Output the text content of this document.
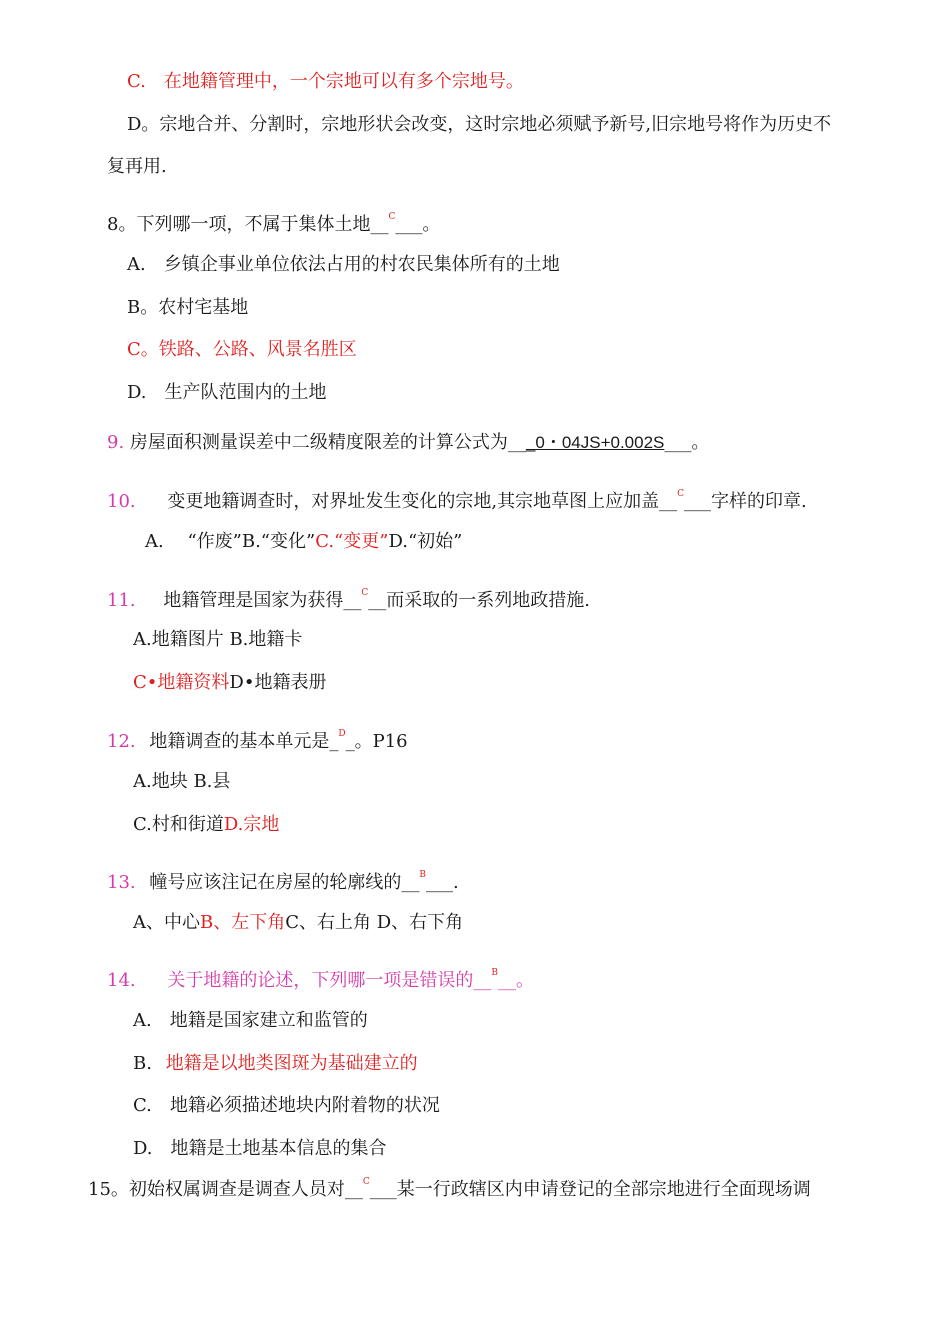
C.　在地籍管理中，一个宗地可以有多个宗地号。
D。宗地合并、分割时，宗地形状会改变，这时宗地必须赋予新号,旧宗地号将作为历史不
复再用.
8。下列哪一项，不属于集体土地__$^C$___。
A.　乡镇企事业单位依法占用的村农民集体所有的土地
B。农村宅基地
C。铁路、公路、风景名胜区
D.　生产队范围内的土地
9. 房屋面积测量误差中二级精度限差的计算公式为___0・04JS+0.002S___。
10. 变更地籍调查时，对界址发生变化的宗地,其宗地草图上应加盖__$^C$___字样的印章.
A.　 “作废”B.“变化”C.“变更”D.“初始”
11. 地籍管理是国家为获得__$^C$__而采取的一系列地政措施.
A.地籍图片 B.地籍卡
C•地籍资料D•地籍表册
12. 地籍调查的基本单元是_$^D$_。P16
A.地块 B.县
C.村和街道D.宗地
13. 幢号应该注记在房屋的轮廓线的__$^B$___.
A、中心B、左下角C、右上角 D、右下角
14. 关于地籍的论述，下列哪一项是错误的__$^B$__。
A.　地籍是国家建立和监管的
B. 地籍是以地类图斑为基础建立的
C.　地籍必须描述地块内附着物的状况
D.　地籍是土地基本信息的集合
15。初始权属调查是调查人员对__$^C$___某一行政辖区内申请登记的全部宗地进行全面现场调
